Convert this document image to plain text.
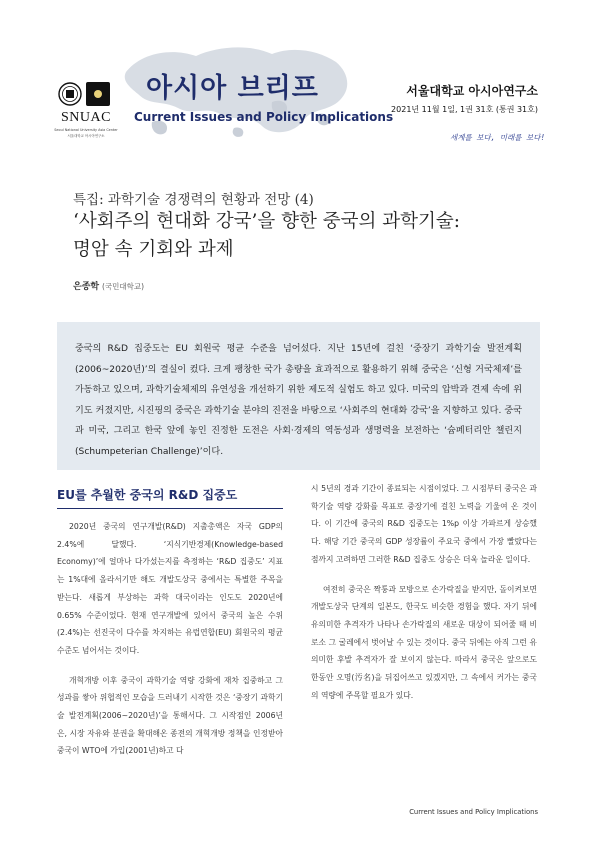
SNUAC
Seoul National University Asia Center
서울대학교 아시아연구소
아시아 브리프
Current Issues and Policy Implications
서울대학교 아시아연구소
2021년 11월 1일, 1권 31호 (통권 31호)
세계를 보다, 미래를 보다!
특집: 과학기술 경쟁력의 현황과 전망 (4)
‘사회주의 현대화 강국’을 향한 중국의 과학기술:
명암 속 기회와 과제
은종학 (국민대학교)

중국의 R&D 집중도는 EU 회원국 평균 수준을 넘어섰다. 지난 15년에 걸친 ‘중장기 과학기술 발전계획(2006~2020년)’의 결실이 컸다. 크게 팽창한 국가 총량을 효과적으로 활용하기 위해 중국은 ‘신형 거국체제’를 가동하고 있으며, 과학기술체제의 유연성을 개선하기 위한 제도적 실험도 하고 있다. 미국의 압박과 견제 속에 위기도 커졌지만, 시진핑의 중국은 과학기술 분야의 진전을 바탕으로 ‘사회주의 현대화 강국’을 지향하고 있다. 중국과 미국, 그리고 한국 앞에 놓인 진정한 도전은 사회·경제의 역동성과 생명력을 보전하는 ‘슘페터리안 챌린지(Schumpeterian Challenge)’이다.

EU를 추월한 중국의 R&D 집중도

2020년 중국의 연구개발(R&D) 지출총액은 자국 GDP의 2.4%에 달했다. ‘지식기반경제(Knowledge-based Economy)’에 얼마나 다가섰는지를 측정하는 ‘R&D 집중도’ 지표는 1%대에 올라서기만 해도 개발도상국 중에서는 특별한 주목을 받는다. 새롭게 부상하는 과학 대국이라는 인도도 2020년에 0.65% 수준이었다. 현재 연구개발에 있어서 중국의 높은 수위(2.4%)는 선진국이 다수를 차지하는 유럽연합(EU) 회원국의 평균 수준도 넘어서는 것이다.

개혁개방 이후 중국이 과학기술 역량 강화에 재차 집중하고 그 성과를 쌓아 위협적인 모습을 드러내기 시작한 것은 ‘중장기 과학기술 발전계획(2006~2020년)’을 통해서다. 그 시작점인 2006년은, 시장 자유와 분권을 확대해온 종전의 개혁개방 정책을 인정받아 중국이 WTO에 가입(2001년)하고 다

시 5년의 경과 기간이 종료되는 시점이었다. 그 시점부터 중국은 과학기술 역량 강화를 목표로 중장기에 걸친 노력을 기울여 온 것이다. 이 기간에 중국의 R&D 집중도는 1%p 이상 가파르게 상승했다. 해당 기간 중국의 GDP 성장률이 주요국 중에서 가장 빨랐다는 점까지 고려하면 그러한 R&D 집중도 상승은 더욱 놀라운 일이다.

여전히 중국은 짝퉁과 모방으로 손가락질을 받지만, 돌이켜보면 개발도상국 단계의 일본도, 한국도 비슷한 경험을 했다. 자기 뒤에 유의미한 추격자가 나타나 손가락질의 새로운 대상이 되어줄 때 비로소 그 굴레에서 벗어날 수 있는 것이다. 중국 뒤에는 아직 그런 유의미한 후발 추격자가 잘 보이지 않는다. 따라서 중국은 앞으로도 한동안 오명(汚名)을 뒤집어쓰고 있겠지만, 그 속에서 커가는 중국의 역량에 주목할 필요가 있다.

Current Issues and Policy Implications
